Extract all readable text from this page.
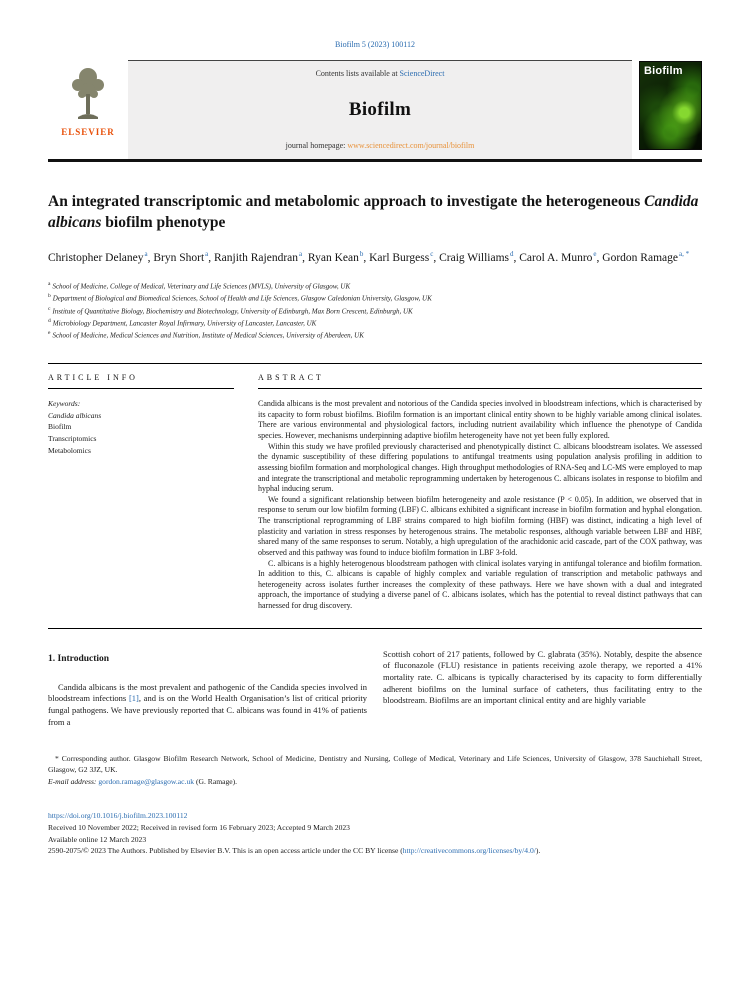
Biofilm 5 (2023) 100112
ELSEVIER
Contents lists available at ScienceDirect
Biofilm
journal homepage: www.sciencedirect.com/journal/biofilm
Biofilm
An integrated transcriptomic and metabolomic approach to investigate the heterogeneous Candida albicans biofilm phenotype

Christopher Delaney$^a$, Bryn Short$^a$, Ranjith Rajendran$^a$, Ryan Kean$^b$, Karl Burgess$^c$, Craig Williams$^d$, Carol A. Munro$^e$, Gordon Ramage$^{a, *}$

$^a$ School of Medicine, College of Medical, Veterinary and Life Sciences (MVLS), University of Glasgow, UK
$^b$ Department of Biological and Biomedical Sciences, School of Health and Life Sciences, Glasgow Caledonian University, Glasgow, UK
$^c$ Institute of Quantitative Biology, Biochemistry and Biotechnology, University of Edinburgh, Max Born Crescent, Edinburgh, UK
$^d$ Microbiology Department, Lancaster Royal Infirmary, University of Lancaster, Lancaster, UK
$^e$ School of Medicine, Medical Sciences and Nutrition, Institute of Medical Sciences, University of Aberdeen, UK
ARTICLE INFO
Keywords:
Candida albicans
Biofilm
Transcriptomics
Metabolomics
ABSTRACT

Candida albicans is the most prevalent and notorious of the Candida species involved in bloodstream infections, which is characterised by its capacity to form robust biofilms. Biofilm formation is an important clinical entity shown to be highly variable among clinical isolates. There are various environmental and physiological factors, including nutrient availability which influence the phenotype of Candida species. However, mechanisms underpinning adaptive biofilm heterogeneity have not yet been fully explored.

Within this study we have profiled previously characterised and phenotypically distinct C. albicans bloodstream isolates. We assessed the dynamic susceptibility of these differing populations to antifungal treatments using population analysis profiling in addition to assessing biofilm formation and morphological changes. High throughput methodologies of RNA-Seq and LC-MS were employed to map and integrate the transcriptional and metabolic reprogramming undertaken by heterogenous C. albicans isolates in response to biofilm and hyphal inducing serum.

We found a significant relationship between biofilm heterogeneity and azole resistance (P < 0.05). In addition, we observed that in response to serum our low biofilm forming (LBF) C. albicans exhibited a significant increase in biofilm formation and hyphal elongation. The transcriptional reprogramming of LBF strains compared to high biofilm forming (HBF) was distinct, indicating a high level of plasticity and variation in stress responses by heterogenous strains. The metabolic responses, although variable between LBF and HBF, shared many of the same responses to serum. Notably, a high upregulation of the arachidonic acid cascade, part of the COX pathway, was observed and this pathway was found to induce biofilm formation in LBF 3-fold.

C. albicans is a highly heterogenous bloodstream pathogen with clinical isolates varying in antifungal tolerance and biofilm formation. In addition to this, C. albicans is capable of highly complex and variable regulation of transcription and metabolic pathways and heterogeneity across isolates further increases the complexity of these pathways. Here we have shown with a dual and integrated approach, the importance of studying a diverse panel of C. albicans isolates, which has the potential to reveal distinct pathways that can harnessed for drug discovery.

1. Introduction

Candida albicans is the most prevalent and pathogenic of the Candida species involved in bloodstream infections [1], and is on the World Health Organisation’s list of critical priority fungal pathogens. We have previously reported that C. albicans was found in 41% of patients from a

Scottish cohort of 217 patients, followed by C. glabrata (35%). Notably, despite the absence of fluconazole (FLU) resistance in patients receiving azole therapy, we reported a 41% mortality rate. C. albicans is typically characterised by its capacity to form differentially adherent biofilms on the luminal surface of catheters, thus facilitating entry to the bloodstream. Biofilms are an important clinical entity and are highly variable

* Corresponding author. Glasgow Biofilm Research Network, School of Medicine, Dentistry and Nursing, College of Medical, Veterinary and Life Sciences, University of Glasgow, 378 Sauchiehall Street, Glasgow, G2 3JZ, UK.

E-mail address: gordon.ramage@glasgow.ac.uk (G. Ramage).

https://doi.org/10.1016/j.biofilm.2023.100112

Received 10 November 2022; Received in revised form 16 February 2023; Accepted 9 March 2023

Available online 12 March 2023

2590-2075/© 2023 The Authors. Published by Elsevier B.V. This is an open access article under the CC BY license (http://creativecommons.org/licenses/by/4.0/).
